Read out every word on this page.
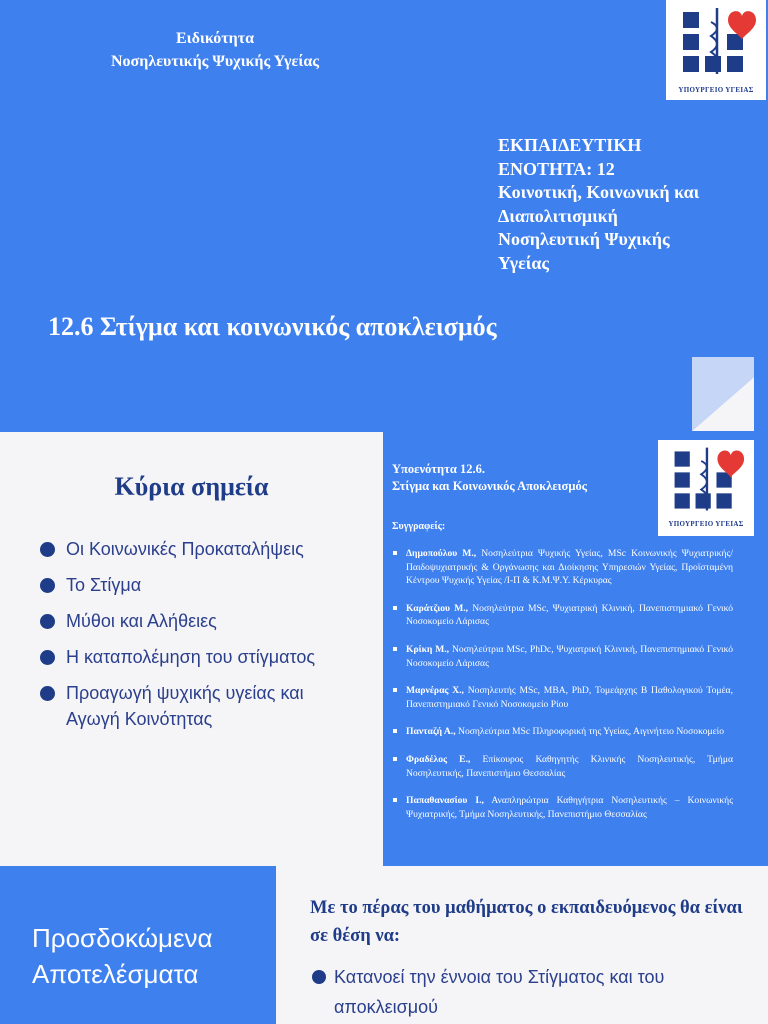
Ειδικότητα
Νοσηλευτικής Ψυχικής Υγείας
ΥΠΟΥΡΓΕΙΟ ΥΓΕΙΑΣ
ΕΚΠΑΙΔΕΥΤΙΚΗ
ΕΝΟΤΗΤΑ: 12
Κοινοτική, Κοινωνική και
Διαπολιτισμική
Νοσηλευτική Ψυχικής
Υγείας
12.6 Στίγμα και κοινωνικός αποκλεισμός
Κύρια σημεία
Οι Κοινωνικές Προκαταλήψεις
Το Στίγμα
Μύθοι και Αλήθειες
Η καταπολέμηση του στίγματος
Προαγωγή ψυχικής υγείας και Αγωγή Κοινότητας
Υποενότητα 12.6.
Στίγμα και Κοινωνικός Αποκλεισμός
ΥΠΟΥΡΓΕΙΟ ΥΓΕΙΑΣ
Συγγραφείς:
Δημοπούλου Μ., Νοσηλεύτρια Ψυχικής Υγείας, MSc Κοινωνικής Ψυχιατρικής/Παιδοψυχιατρικής & Οργάνωσης και Διοίκησης Υπηρεσιών Υγείας, Προϊσταμένη Κέντρου Ψυχικής Υγείας /Ι-Π & Κ.Μ.Ψ.Υ. Κέρκυρας
Καράτζιου Μ., Νοσηλεύτρια MSc, Ψυχιατρική Κλινική, Πανεπιστημιακό Γενικό Νοσοκομείο Λάρισας
Κρίκη Μ., Νοσηλεύτρια MSc, PhDc, Ψυχιατρική Κλινική, Πανεπιστημιακό Γενικό Νοσοκομείο Λάρισας
Μαρνέρας Χ., Νοσηλευτής MSc, MBA, PhD, Τομεάρχης Β Παθολογικού Τομέα, Πανεπιστημιακό Γενικό Νοσοκομείο Ρίου
Πανταζή Α., Νοσηλεύτρια MSc Πληροφορική της Υγείας, Αιγινήτειο Νοσοκομείο
Φραδέλος Ε., Επίκουρος Καθηγητής Κλινικής Νοσηλευτικής, Τμήμα Νοσηλευτικής, Πανεπιστήμιο Θεσσαλίας
Παπαθανασίου Ι., Αναπληρώτρια Καθηγήτρια Νοσηλευτικής – Κοινωνικής Ψυχιατρικής, Τμήμα Νοσηλευτικής, Πανεπιστήμιο Θεσσαλίας
Προσδοκώμενα
Αποτελέσματα
Με το πέρας του μαθήματος ο εκπαιδευόμενος θα είναι σε θέση να:
Κατανοεί την έννοια του Στίγματος και του αποκλεισμού
